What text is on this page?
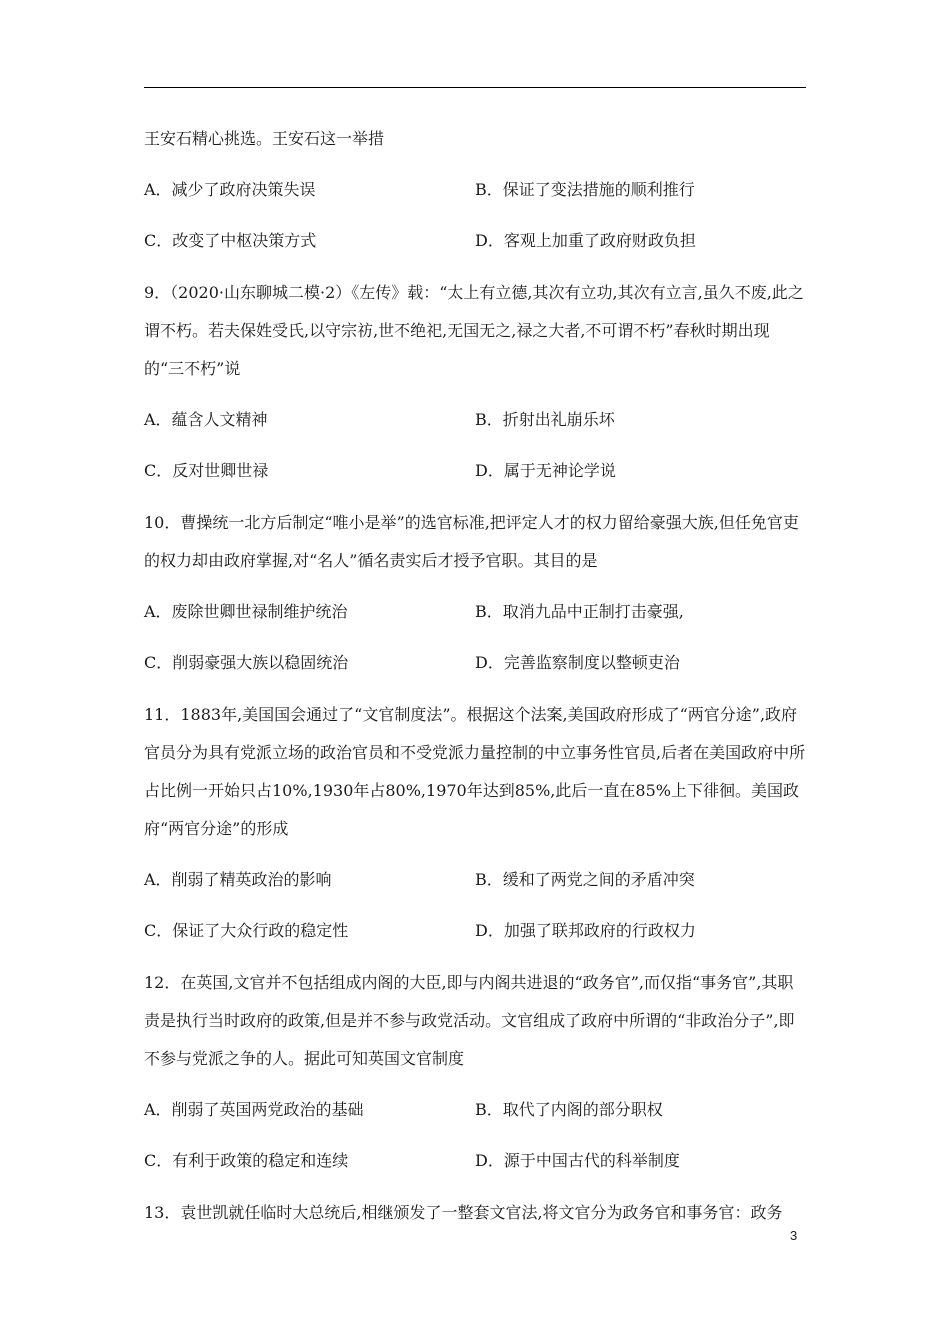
王安石精心挑选。王安石这一举措

A．减少了政府决策失误	B．保证了变法措施的顺利推行
C．改变了中枢决策方式	D．客观上加重了政府财政负担

9．（2020·山东聊城二模·2）《左传》载：“太上有立德,其次有立功,其次有立言,虽久不废,此之谓不朽。若夫保姓受氏,以守宗祊,世不绝祀,无国无之,禄之大者,不可谓不朽”春秋时期出现的“三不朽”说

A．蕴含人文精神	B．折射出礼崩乐坏
C．反对世卿世禄	D．属于无神论学说

10．曹操统一北方后制定“唯小是举”的选官标准,把评定人才的权力留给豪强大族,但任免官吏的权力却由政府掌握,对“名人”循名责实后才授予官职。其目的是

A．废除世卿世禄制维护统治	B．取消九品中正制打击豪强,
C．削弱豪强大族以稳固统治	D．完善监察制度以整顿吏治

11．1883年,美国国会通过了“文官制度法”。根据这个法案,美国政府形成了“两官分途”,政府官员分为具有党派立场的政治官员和不受党派力量控制的中立事务性官员,后者在美国政府中所占比例一开始只占10%,1930年占80%,1970年达到85%,此后一直在85%上下徘徊。美国政府“两官分途”的形成

A．削弱了精英政治的影响	B．缓和了两党之间的矛盾冲突
C．保证了大众行政的稳定性	D．加强了联邦政府的行政权力

12．在英国,文官并不包括组成内阁的大臣,即与内阁共进退的“政务官”,而仅指“事务官”,其职责是执行当时政府的政策,但是并不参与政党活动。文官组成了政府中所谓的“非政治分子”,即不参与党派之争的人。据此可知英国文官制度

A．削弱了英国两党政治的基础	B．取代了内阁的部分职权
C．有利于政策的稳定和连续	D．源于中国古代的科举制度

13．袁世凯就任临时大总统后,相继颁发了一整套文官法,将文官分为政务官和事务官：政务

3
